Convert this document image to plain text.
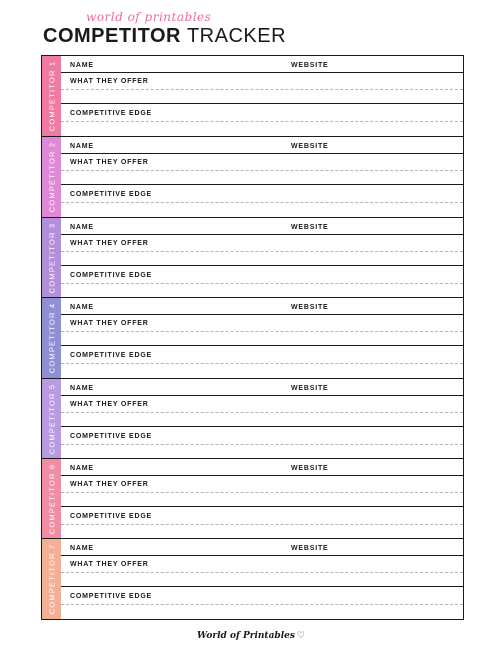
world of printables
COMPETITOR TRACKER
COMPETITOR 1 NAME	WEBSITE
WHAT THEY OFFER
COMPETITIVE EDGE
COMPETITOR 2 NAME	WEBSITE
WHAT THEY OFFER
COMPETITIVE EDGE
COMPETITOR 3 NAME	WEBSITE
WHAT THEY OFFER
COMPETITIVE EDGE
COMPETITOR 4 NAME	WEBSITE
WHAT THEY OFFER
COMPETITIVE EDGE
COMPETITOR 5 NAME	WEBSITE
WHAT THEY OFFER
COMPETITIVE EDGE
COMPETITOR 6 NAME	WEBSITE
WHAT THEY OFFER
COMPETITIVE EDGE
COMPETITOR 7 NAME	WEBSITE
WHAT THEY OFFER
COMPETITIVE EDGE
World of Printables ♡
